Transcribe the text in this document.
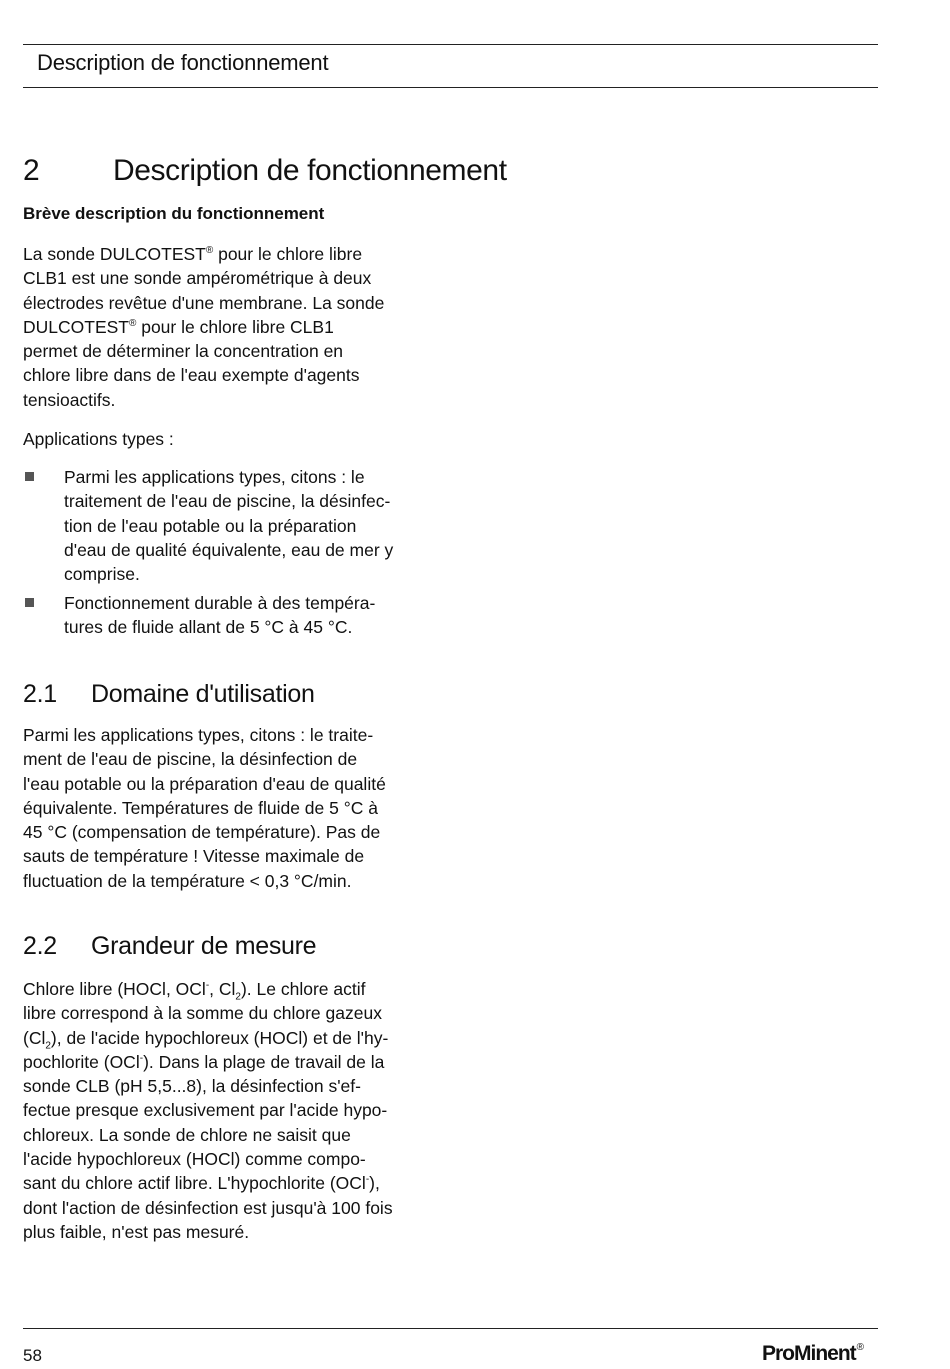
Description de fonctionnement
2 Description de fonctionnement
Brève description du fonctionnement
La sonde DULCOTEST® pour le chlore libre
CLB1 est une sonde ampérométrique à deux
électrodes revêtue d'une membrane. La sonde
DULCOTEST® pour le chlore libre CLB1
permet de déterminer la concentration en
chlore libre dans de l'eau exempte d'agents
tensioactifs.
Applications types :
Parmi les applications types, citons : le
traitement de l'eau de piscine, la désinfec-
tion de l'eau potable ou la préparation
d'eau de qualité équivalente, eau de mer y
comprise.
Fonctionnement durable à des tempéra-
tures de fluide allant de 5 °C à 45 °C.
2.1 Domaine d'utilisation
Parmi les applications types, citons : le traite-
ment de l'eau de piscine, la désinfection de
l'eau potable ou la préparation d'eau de qualité
équivalente. Températures de fluide de 5 °C à
45 °C (compensation de température). Pas de
sauts de température ! Vitesse maximale de
fluctuation de la température < 0,3 °C/min.
2.2 Grandeur de mesure
Chlore libre (HOCl, OCl-, $Cl_2$). Le chlore actif
libre correspond à la somme du chlore gazeux
$(Cl_2)$, de l'acide hypochloreux (HOCl) et de l'hy-
pochlorite (OCl-). Dans la plage de travail de la
sonde CLB (pH 5,5...8), la désinfection s'ef-
fectue presque exclusivement par l'acide hypo-
chloreux. La sonde de chlore ne saisit que
l'acide hypochloreux (HOCl) comme compo-
sant du chlore actif libre. L'hypochlorite (OCl-),
dont l'action de désinfection est jusqu'à 100 fois
plus faible, n'est pas mesuré.
58	ProMinent®
